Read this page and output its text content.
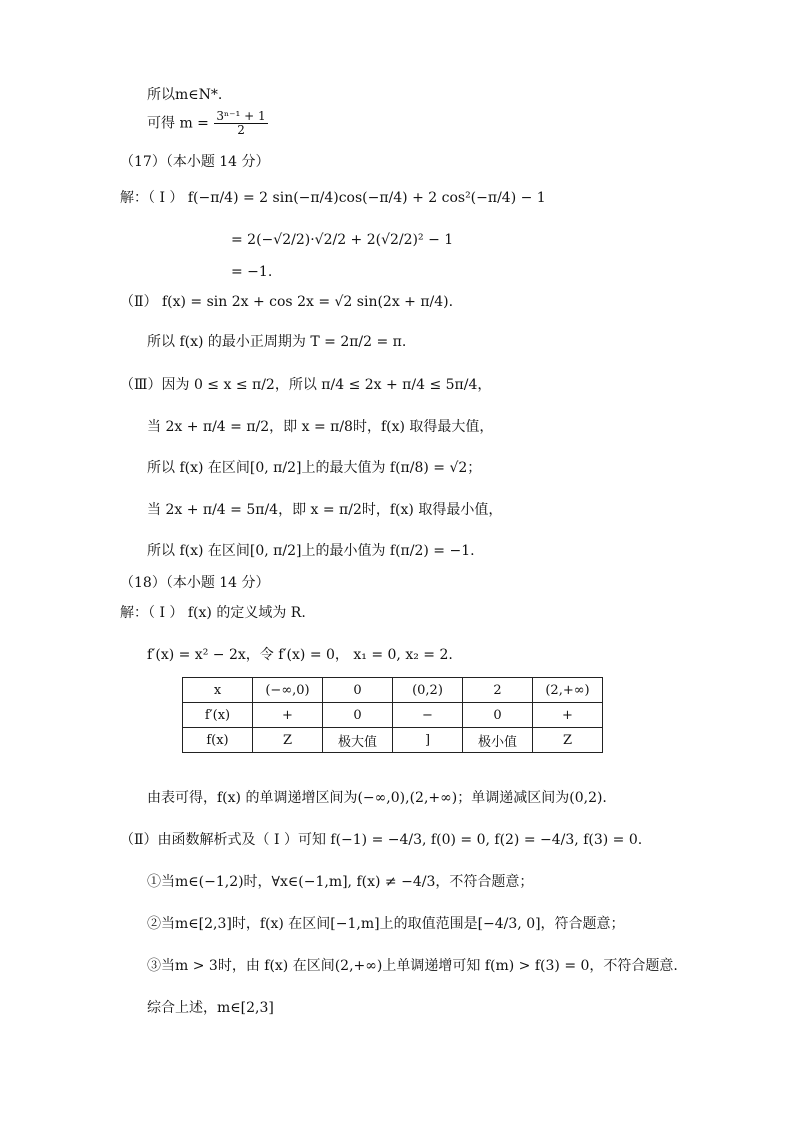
所以m∈N*.
可得 $m = \frac{\text{3ⁿ⁻¹ + 1}}{2}$
（17）（本小题 14 分）
解：（ Ⅰ ） f(−π/4) = 2 sin(−π/4)cos(−π/4) + 2 cos²(−π/4) − 1
= 2(−√2/2)·√2/2 + 2(√2/2)² − 1
= −1.
（Ⅱ） f(x) = sin 2x + cos 2x = √2 sin(2x + π/4).
所以 f(x) 的最小正周期为 T = 2π/2 = π.
（Ⅲ）因为 0 ≤ x ≤ π/2，所以 π/4 ≤ 2x + π/4 ≤ 5π/4，
当 2x + π/4 = π/2，即 x = π/8时，f(x) 取得最大值，
所以 f(x) 在区间[0, π/2]上的最大值为 f(π/8) = √2；
当 2x + π/4 = 5π/4，即 x = π/2时，f(x) 取得最小值，
所以 f(x) 在区间[0, π/2]上的最小值为 f(π/2) = −1.
（18）（本小题 14 分）
解：（ Ⅰ ） f(x) 的定义域为 R.
f′(x) = x² − 2x，令 f′(x) = 0， x₁ = 0, x₂ = 2.
x	(−∞,0)	0	(0,2)	2	(2,+∞)
f′(x)	+	0	−	0	+
f(x)	Z	极大值	]	极小值	Z
由表可得，f(x) 的单调递增区间为(−∞,0),(2,+∞)；单调递减区间为(0,2).
（Ⅱ）由函数解析式及（ Ⅰ ）可知 f(−1) = −4/3, f(0) = 0, f(2) = −4/3, f(3) = 0.
①当m∈(−1,2)时，∀x∈(−1,m], f(x) ≠ −4/3，不符合题意；
②当m∈[2,3]时，f(x) 在区间[−1,m]上的取值范围是[−4/3, 0]，符合题意；
③当m > 3时，由 f(x) 在区间(2,+∞)上单调递增可知 f(m) > f(3) = 0，不符合题意.
综合上述，m∈[2,3]
